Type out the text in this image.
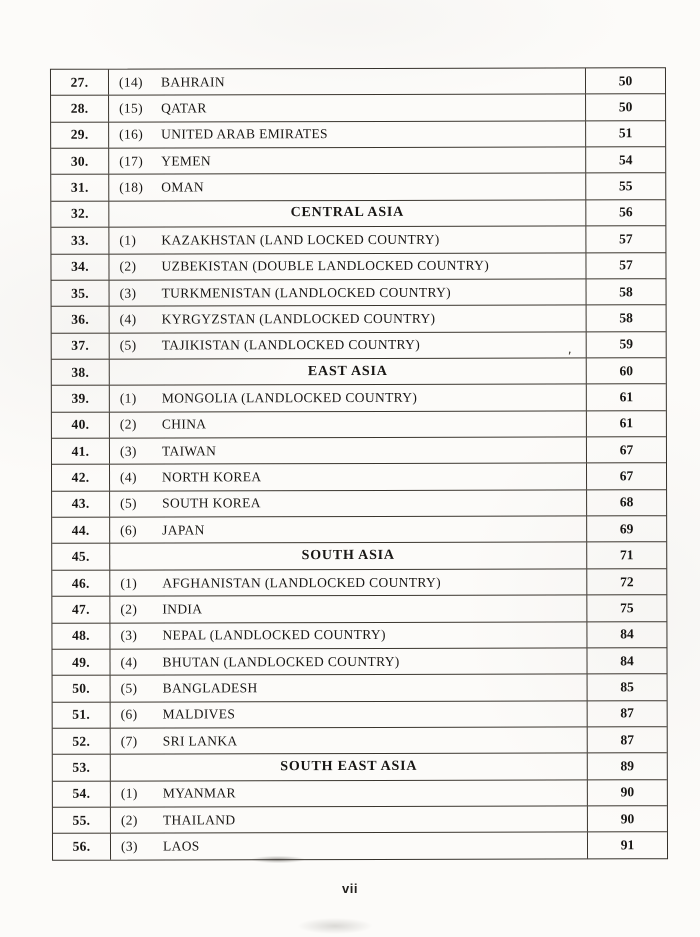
27.	(14)	BAHRAIN	50
28.	(15)	QATAR	50
29.	(16)	UNITED ARAB EMIRATES	51
30.	(17)	YEMEN	54
31.	(18)	OMAN	55
32.	CENTRAL ASIA	56
33.	(1)	KAZAKHSTAN (LAND LOCKED COUNTRY)	57
34.	(2)	UZBEKISTAN (DOUBLE LANDLOCKED COUNTRY)	57
35.	(3)	TURKMENISTAN (LANDLOCKED COUNTRY)	58
36.	(4)	KYRGYZSTAN (LANDLOCKED COUNTRY)	58
37.	(5)	TAJIKISTAN (LANDLOCKED COUNTRY)	59
38.	EAST ASIA	60
39.	(1)	MONGOLIA (LANDLOCKED COUNTRY)	61
40.	(2)	CHINA	61
41.	(3)	TAIWAN	67
42.	(4)	NORTH KOREA	67
43.	(5)	SOUTH KOREA	68
44.	(6)	JAPAN	69
45.	SOUTH ASIA	71
46.	(1)	AFGHANISTAN (LANDLOCKED COUNTRY)	72
47.	(2)	INDIA	75
48.	(3)	NEPAL (LANDLOCKED COUNTRY)	84
49.	(4)	BHUTAN (LANDLOCKED COUNTRY)	84
50.	(5)	BANGLADESH	85
51.	(6)	MALDIVES	87
52.	(7)	SRI LANKA	87
53.	SOUTH EAST ASIA	89
54.	(1)	MYANMAR	90
55.	(2)	THAILAND	90
56.	(3)	LAOS	91
'
vii
